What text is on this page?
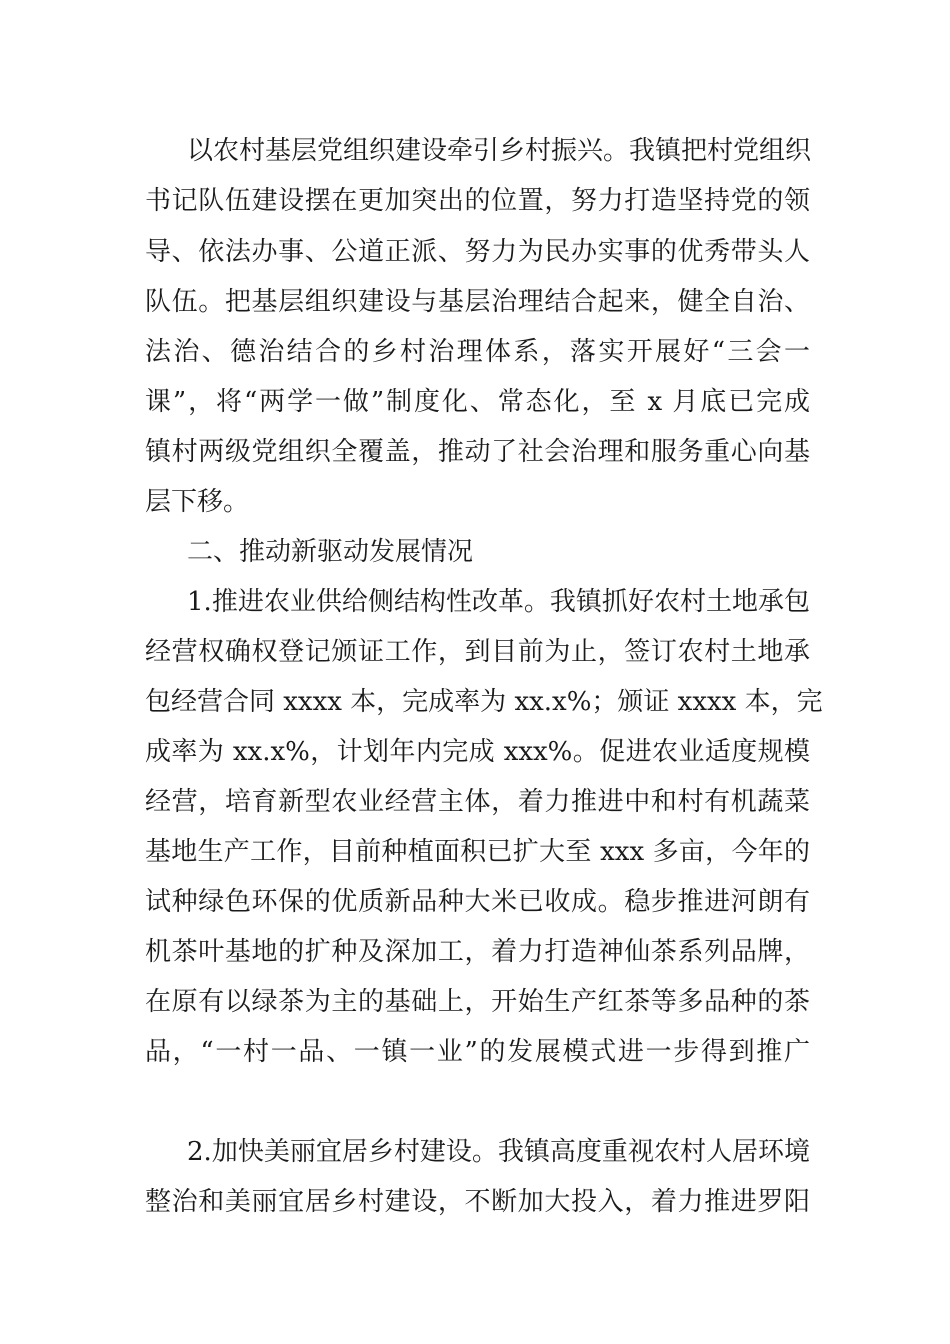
以农村基层党组织建设牵引乡村振兴。我镇把村党组织
书记队伍建设摆在更加突出的位置，努力打造坚持党的领
导、依法办事、公道正派、努力为民办实事的优秀带头人
队伍。把基层组织建设与基层治理结合起来，健全自治、
法治、德治结合的乡村治理体系，落实开展好“三会一
课”，将“两学一做”制度化、常态化，至 x 月底已完成
镇村两级党组织全覆盖，推动了社会治理和服务重心向基
层下移。
二、推动新驱动发展情况
1.推进农业供给侧结构性改革。我镇抓好农村土地承包
经营权确权登记颁证工作，到目前为止，签订农村土地承
包经营合同 xxxx 本，完成率为 xx.x%；颁证 xxxx 本，完
成率为 xx.x%，计划年内完成 xxx%。促进农业适度规模
经营，培育新型农业经营主体，着力推进中和村有机蔬菜
基地生产工作，目前种植面积已扩大至 xxx 多亩，今年的
试种绿色环保的优质新品种大米已收成。稳步推进河朗有
机茶叶基地的扩种及深加工，着力打造神仙茶系列品牌，
在原有以绿茶为主的基础上，开始生产红茶等多品种的茶
品，“一村一品、一镇一业”的发展模式进一步得到推广
2.加快美丽宜居乡村建设。我镇高度重视农村人居环境
整治和美丽宜居乡村建设，不断加大投入，着力推进罗阳
